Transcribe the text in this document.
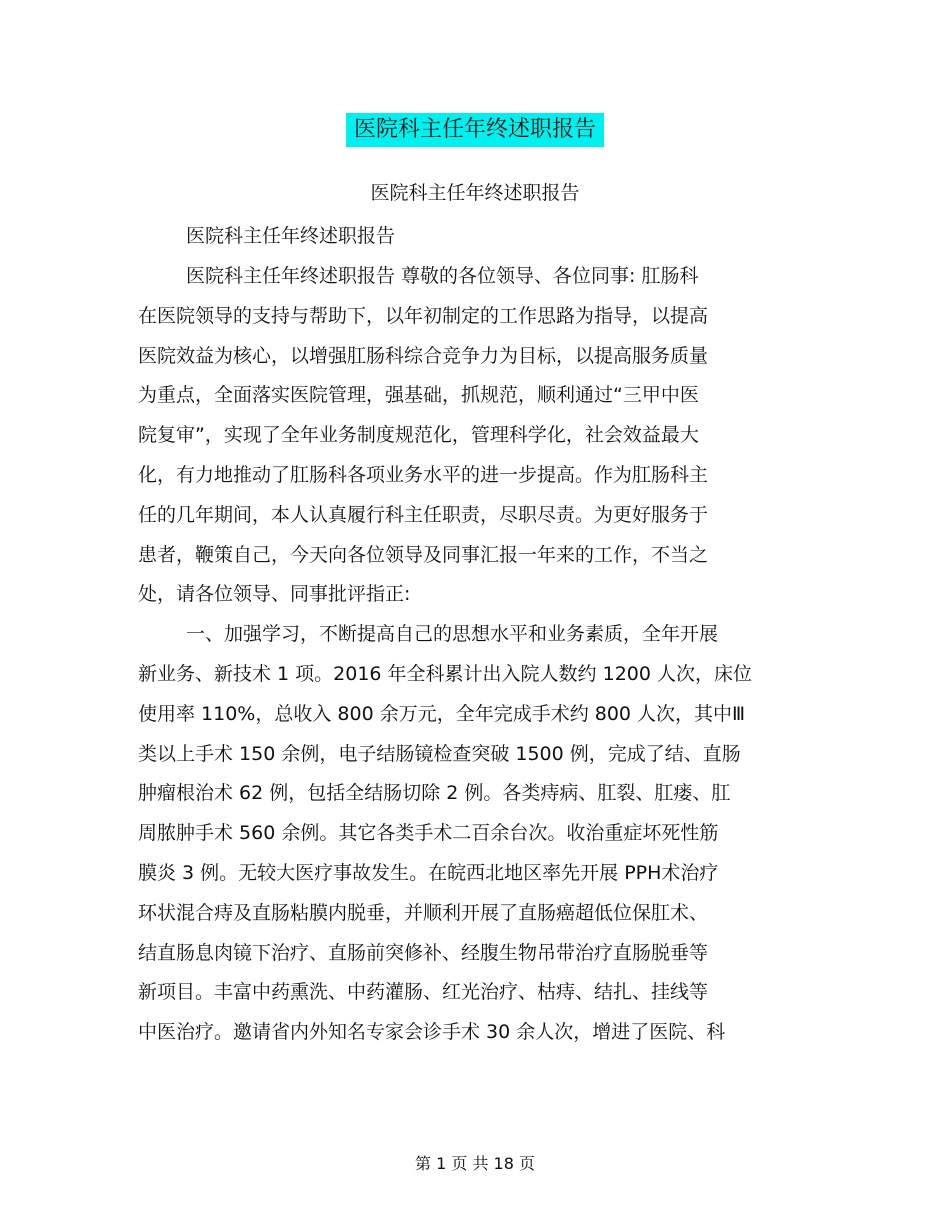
医院科主任年终述职报告
医院科主任年终述职报告
医院科主任年终述职报告
医院科主任年终述职报告 尊敬的各位领导、各位同事: 肛肠科
在医院领导的支持与帮助下，以年初制定的工作思路为指导，以提高
医院效益为核心，以增强肛肠科综合竞争力为目标，以提高服务质量
为重点，全面落实医院管理，强基础，抓规范，顺利通过“三甲中医
院复审”，实现了全年业务制度规范化，管理科学化，社会效益最大
化，有力地推动了肛肠科各项业务水平的进一步提高。作为肛肠科主
任的几年期间，本人认真履行科主任职责，尽职尽责。为更好服务于
患者，鞭策自己，今天向各位领导及同事汇报一年来的工作，不当之
处，请各位领导、同事批评指正:
一、加强学习，不断提高自己的思想水平和业务素质，全年开展
新业务、新技术 1 项。2016 年全科累计出入院人数约 1200 人次，床位
使用率 110%，总收入 800 余万元，全年完成手术约 800 人次，其中Ⅲ
类以上手术 150 余例，电子结肠镜检查突破 1500 例，完成了结、直肠
肿瘤根治术 62 例，包括全结肠切除 2 例。各类痔病、肛裂、肛瘘、肛
周脓肿手术 560 余例。其它各类手术二百余台次。收治重症坏死性筋
膜炎 3 例。无较大医疗事故发生。在皖西北地区率先开展 PPH术治疗
环状混合痔及直肠粘膜内脱垂，并顺利开展了直肠癌超低位保肛术、
结直肠息肉镜下治疗、直肠前突修补、经腹生物吊带治疗直肠脱垂等
新项目。丰富中药熏洗、中药灌肠、红光治疗、枯痔、结扎、挂线等
中医治疗。邀请省内外知名专家会诊手术 30 余人次，增进了医院、科
第 1 页 共 18 页
